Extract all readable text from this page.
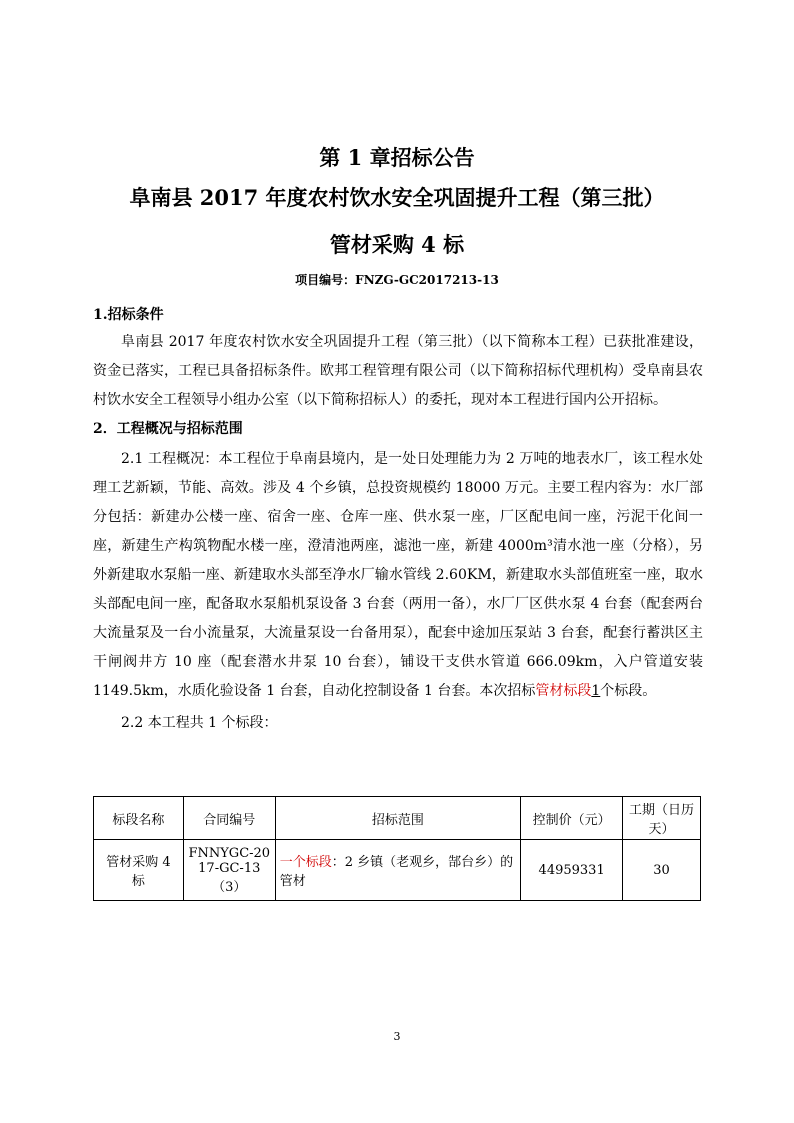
第 1 章招标公告
阜南县 2017 年度农村饮水安全巩固提升工程（第三批）
管材采购 4 标
项目编号：FNZG-GC2017213-13
1.招标条件

阜南县 2017 年度农村饮水安全巩固提升工程（第三批）（以下简称本工程）已获批准建设，资金已落实，工程已具备招标条件。欧邦工程管理有限公司（以下简称招标代理机构）受阜南县农村饮水安全工程领导小组办公室（以下简称招标人）的委托，现对本工程进行国内公开招标。

2．工程概况与招标范围

2.1 工程概况：本工程位于阜南县境内，是一处日处理能力为 2 万吨的地表水厂，该工程水处理工艺新颖，节能、高效。涉及 4 个乡镇，总投资规模约 18000 万元。主要工程内容为：水厂部分包括：新建办公楼一座、宿舍一座、仓库一座、供水泵一座，厂区配电间一座，污泥干化间一座，新建生产构筑物配水楼一座，澄清池两座，滤池一座，新建 4000m³清水池一座（分格），另外新建取水泵船一座、新建取水头部至净水厂输水管线 2.60KM，新建取水头部值班室一座，取水头部配电间一座，配备取水泵船机泵设备 3 台套（两用一备），水厂厂区供水泵 4 台套（配套两台大流量泵及一台小流量泵，大流量泵设一台备用泵），配套中途加压泵站 3 台套，配套行蓄洪区主干闸阀井方 10 座（配套潜水井泵 10 台套），铺设干支供水管道 666.09km，入户管道安装 1149.5km，水质化验设备 1 台套，自动化控制设备 1 台套。本次招标管材标段1个标段。

2.2 本工程共 1 个标段：

标段名称	合同编号	招标范围	控制价（元）	工期（日历天）
管材采购 4 标	FNNYGC-2017-GC-13（3）	一个标段：2 乡镇（老观乡，郜台乡）的管材	44959331	30
3
